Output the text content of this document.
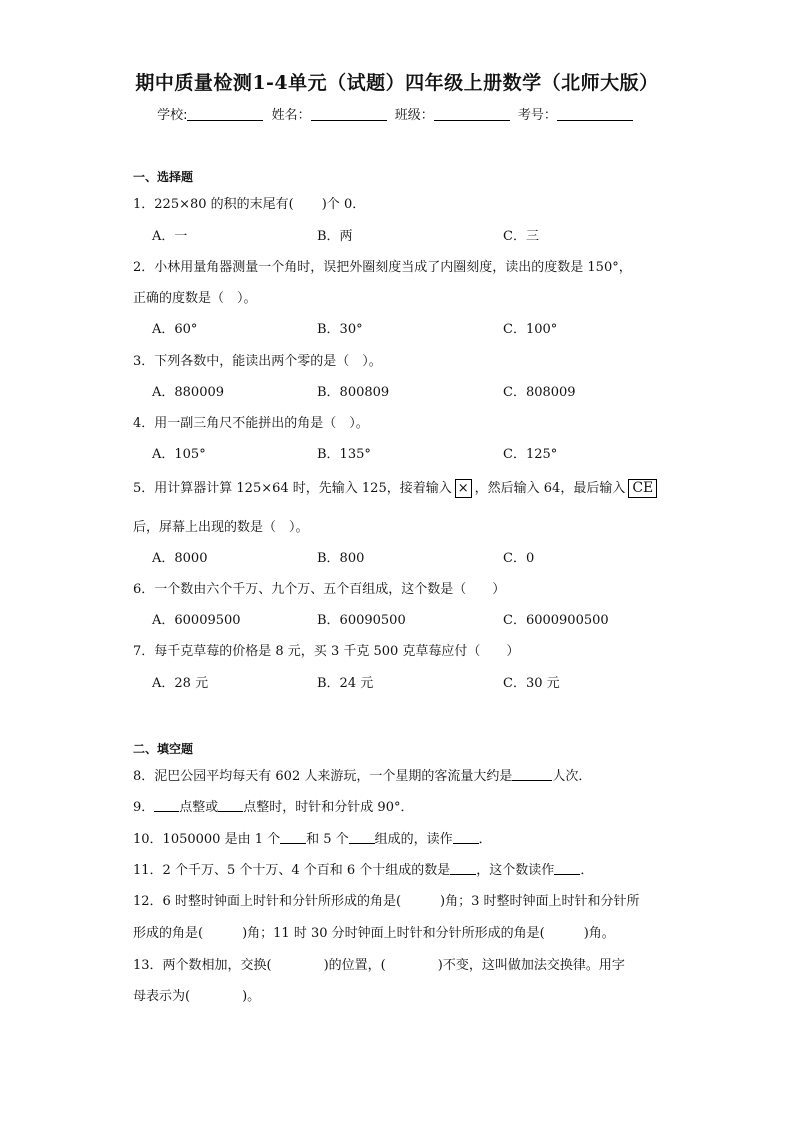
期中质量检测1-4单元（试题）四年级上册数学（北师大版）
学校:	姓名：	班级：	考号：
一、选择题
1．225×80 的积的末尾有( )个 0．
A．一	B．两	C．三
2．小林用量角器测量一个角时，误把外圈刻度当成了内圈刻度，读出的度数是 150°，
正确的度数是（　）。
A．60°	B．30°	C．100°
3．下列各数中，能读出两个零的是（　）。
A．880009	B．800809	C．808009
4．用一副三角尺不能拼出的角是（　）。
A．105°	B．135°	C．125°
5．用计算器计算 125×64 时，先输入 125，接着输入 × ，然后输入 64，最后输入 CE
后，屏幕上出现的数是（　）。
A．8000	B．800	C．0
6．一个数由六个千万、九个万、五个百组成，这个数是（　　）
A．60009500	B．60090500	C．6000900500
7．每千克草莓的价格是 8 元，买 3 千克 500 克草莓应付（　　）
A．28 元	B．24 元	C．30 元
二、填空题
8．泥巴公园平均每天有 602 人来游玩，一个星期的客流量大约是	人次．
9． 点整或 点整时，时针和分针成 90°．
10．1050000 是由 1 个 和 5 个 组成的，读作 ．
11．2 个千万、5 个十万、4 个百和 6 个十组成的数是 ，这个数读作 ．
12．6 时整时钟面上时针和分针所形成的角是(　　　)角；3 时整时钟面上时针和分针所
形成的角是(　　　)角；11 时 30 分时钟面上时针和分针所形成的角是(　　　)角。
13．两个数相加，交换(　　　　)的位置，(　　　　)不变，这叫做加法交换律。用字
母表示为(　　　　)。
